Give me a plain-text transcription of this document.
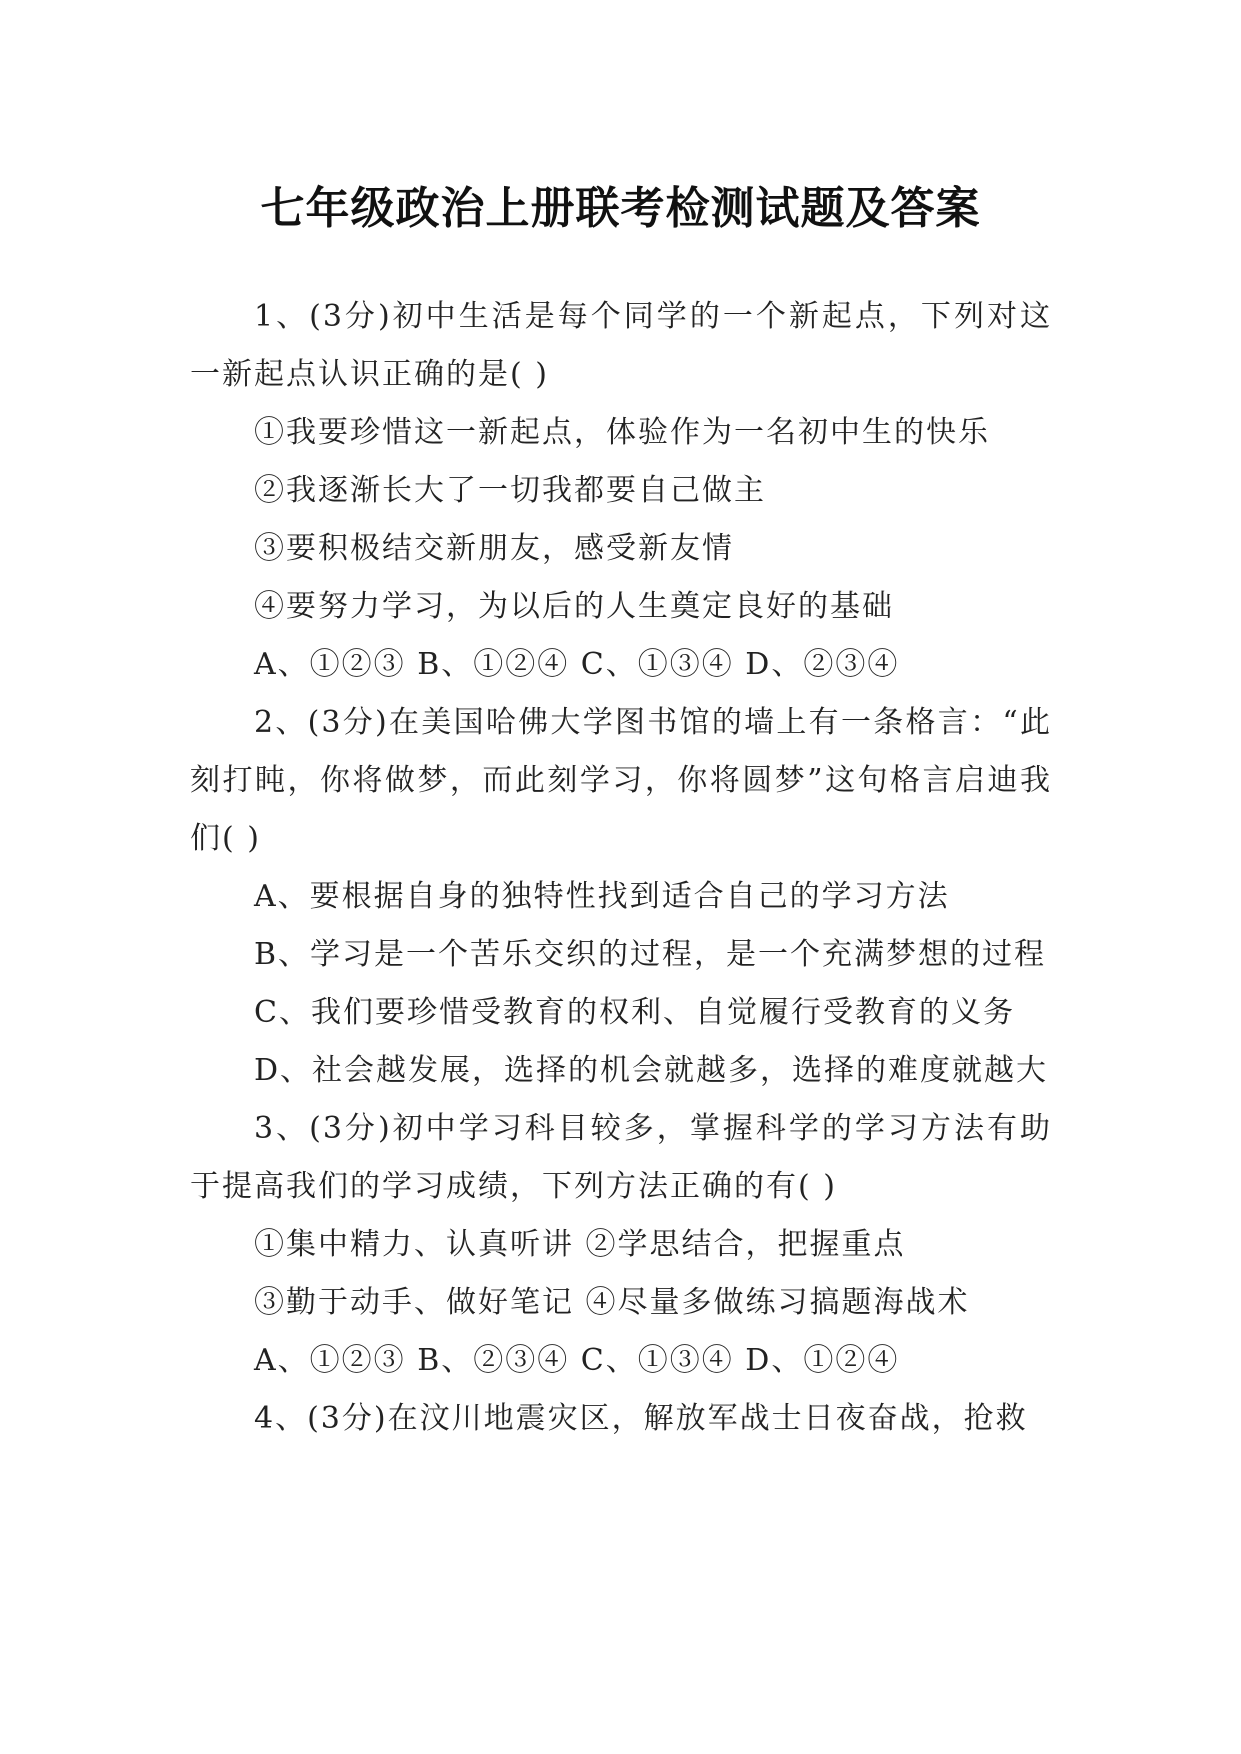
七年级政治上册联考检测试题及答案

1、(3分)初中生活是每个同学的一个新起点，下列对这一新起点认识正确的是( )

①我要珍惜这一新起点，体验作为一名初中生的快乐

②我逐渐长大了一切我都要自己做主

③要积极结交新朋友，感受新友情

④要努力学习，为以后的人生奠定良好的基础

A、①②③ B、①②④ C、①③④ D、②③④

2、(3分)在美国哈佛大学图书馆的墙上有一条格言：“此刻打盹，你将做梦，而此刻学习，你将圆梦”这句格言启迪我们( )

A、要根据自身的独特性找到适合自己的学习方法

B、学习是一个苦乐交织的过程，是一个充满梦想的过程

C、我们要珍惜受教育的权利、自觉履行受教育的义务

D、社会越发展，选择的机会就越多，选择的难度就越大

3、(3分)初中学习科目较多，掌握科学的学习方法有助于提高我们的学习成绩，下列方法正确的有( )

①集中精力、认真听讲 ②学思结合，把握重点

③勤于动手、做好笔记 ④尽量多做练习搞题海战术

A、①②③ B、②③④ C、①③④ D、①②④

4、(3分)在汶川地震灾区，解放军战士日夜奋战，抢救
